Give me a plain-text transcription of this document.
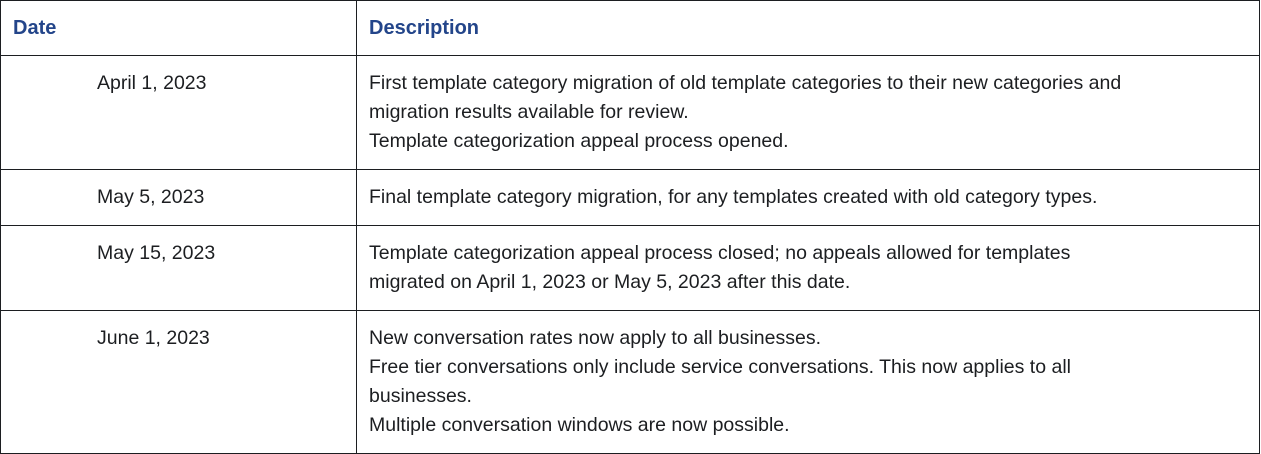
Date	Description
April 1, 2023	First template category migration of old template categories to their new categories and
migration results available for review.
Template categorization appeal process opened.

May 5, 2023	Final template category migration, for any templates created with old category types.

May 15, 2023	Template categorization appeal process closed; no appeals allowed for templates
migrated on April 1, 2023 or May 5, 2023 after this date.

June 1, 2023	New conversation rates now apply to all businesses.
Free tier conversations only include service conversations. This now applies to all
businesses.
Multiple conversation windows are now possible.
